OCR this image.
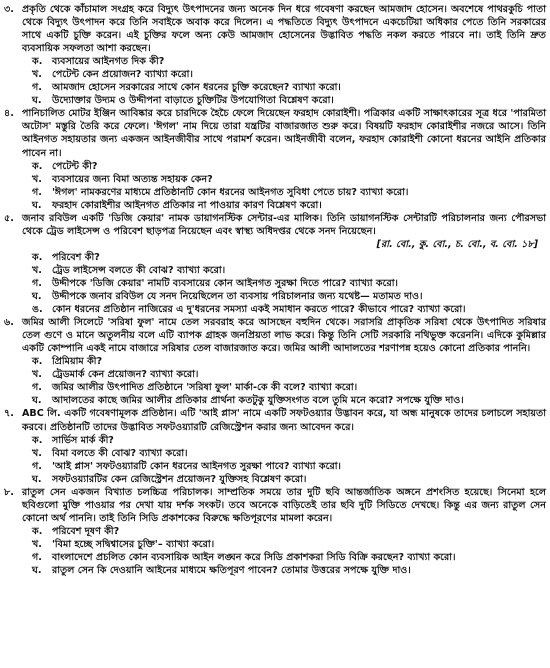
৩. প্রকৃতি থেকে কাঁচামাল সংগ্রহ করে বিদ্যুৎ উৎপাদনের জন্য অনেক দিন ধরে গবেষণা করছেন আমজাদ হোসেন। অবশেষে পাথরকুচি পাতা থেকে বিদ্যুৎ উৎপাদন করে তিনি সবাইকে অবাক করে দিলেন। এ পদ্ধতিতে বিদ্যুৎ উৎপাদনে একচেটিয়া অধিকার পেতে তিনি সরকারের সাথে একটি চুক্তি করেন। এই চুক্তির ফলে অন্য কেউ আমজাদ হোসেনের উদ্ভাবিত পদ্ধতি নকল করতে পারবে না। তাই তিনি দ্রুত ব্যবসায়িক সফলতা আশা করছেন।
ক.	ব্যবসায়ের আইনগত দিক কী?
খ.	পেটেন্ট কেন প্রয়োজন? ব্যাখ্যা করো।
গ.	আমজাদ হোসেন সরকারের সাথে কোন ধরনের চুক্তি করেছেন? ব্যাখ্যা করো।
ঘ.	উদ্যোক্তার উদ্যম ও উদ্দীপনা বাড়াতে চুক্তিটির উপযোগিতা বিশ্লেষণ করো।
৪. পানিচালিত মোটর ইঞ্জিন আবিষ্কার করে চারদিকে হৈচৈ ফেলে দিয়েছেন ফরহাদ কোরাইশী। পত্রিকার একটি সাক্ষাৎকারের সূত্র ধরে 'পারমিতা অটোস' মস্তুরি তৈরি করে ফেলে। 'ঈগল' নাম দিয়ে তারা যন্ত্রটির বাজারজাত শুরু করে। বিষয়টি ফরহাদ কোরাইশীর নজরে আসে। তিনি আইনগত সহায়তার জন্য একজন আইনজীবীর সাথে পরামর্শ করেন। আইনজীবী বলেন, ফরহাদ কোরাইশী কোনো ধরনের আইনি প্রতিকার পাবেন না।
ক.	পেটেন্ট কী?
খ.	ব্যবসায়ের জন্য বিমা অত্যন্ত সহায়ক কেন?
গ.	'ঈগল' নামকরণের মাধ্যমে প্রতিষ্ঠানটি কোন ধরনের আইনগত সুবিধা পেতে চায়? ব্যাখ্যা করো।
ঘ.	ফরহাদ কোরাইশীর আইনগত প্রতিকার না পাওয়ার কারণ বিশ্লেষণ করো।
৫. জনাব রবিউল একটি 'ডিজি কেয়ার' নামক ডায়াগনস্টিক সেন্টার-এর মালিক। তিনি ডায়াগনস্টিক সেন্টারটি পরিচালনার জন্য পৌরসভা থেকে ট্রেড লাইসেন্স ও পরিবেশ ছাড়পত্র নিয়েছেন এবং স্বাস্থ্য অধিদপ্তর থেকে সনদ নিয়েছেন।
[রা. বো., কু. বো., চ. বো., ব. বো. ১৮]
ক.	পরিবেশ কী?
খ.	ট্রেড লাইসেন্স বলতে কী বোঝ? ব্যাখ্যা করো।
গ.	উদ্দীপকে 'ডিজি কেয়ার' নামটি ব্যবসায়ের কোন আইনগত সুরক্ষা দিতে পারে? ব্যাখ্যা করো।
ঘ.	উদ্দীপকে জনাব রবিউল যে সনদ নিয়েছিলেন তা ব্যবসায় পরিচালনার জন্য যথেষ্ট— মতামত দাও।
ঙ. কোন ধরনের প্রতিষ্ঠান নাজিরের এ দু'ধরনের সমস্যা একই সমাধান করতে পারে? কীভাবে পারে? ব্যাখ্যা করো।
৬. জমির আলী সিলেটে 'সরিষা ফুল' নামে তেল সরবরাহ করে আসছেন বহুদিন থেকে। সরাসরি প্রাকৃতিক সরিষা থেকে উৎপাদিত সরিষার তেল গুণে ও মানে অতুলনীয় বলে এটি ব্যাপক গ্রাহক জনপ্রিয়তা লাভ করে। কিন্তু তিনি সেটি সরকারি নথিভুক্ত করেননি। এদিকে কুমিল্লার একটি কোম্পানি একই নামে বাজারে সরিষার তেল বাজারজাত করে। জমির আলী আদালতের শরণাপন্ন হয়েও কোনো প্রতিকার পাননি।
ক.	প্রিমিয়াম কী?
খ.	ট্রেডমার্ক কেন প্রয়োজন? ব্যাখ্যা করো।
গ.	জমির আলীর উৎপাদিত প্রতিষ্ঠানে 'সরিষা ফুল' মার্কা-কে কী বলে? ব্যাখ্যা করো।
ঘ.	আদালতের কাছে জমির আলীর প্রতিকার প্রার্থনা কতটুকু যুক্তিসংগত বলে তুমি মনে করো? সপক্ষে যুক্তি দাও।
৭. ABC লি. একটি গবেষণামূলক প্রতিষ্ঠান। এটি 'আই প্লাস' নামে একটি সফটওয়্যার উদ্ভাবন করে, যা অন্ধ মানুষকে তাদের চলাচলে সহায়তা করবে। প্রতিষ্ঠানটি তাদের উদ্ভাবিত সফটওয়্যারটি রেজিস্ট্রেশন করার জন্য আবেদন করে।
ক.	সার্ভিস মার্ক কী?
খ.	বিমা বলতে কী বোঝ? ব্যাখ্যা করো।
গ.	'আই প্লাস' সফটওয়্যারটি কোন ধরনের আইনগত সুরক্ষা পাবে? ব্যাখ্যা করো।
ঘ.	সফটওয়্যারটির কেন রেজিস্ট্রেশন প্রয়োজন? যুক্তিসহ বিশ্লেষণ করো।
৮. রাতুল সেন একজন বিখ্যাত চলচ্চিত্র পরিচালক। সাম্প্রতিক সময়ে তার দুটি ছবি আন্তর্জাতিক অঙ্গনে প্রশংসিত হয়েছে। সিনেমা হলে ছবিগুলো মুক্তি পাওয়ার পর দেখা যায় দর্শক সংকট। তবে অনেকে বাড়িতেই তার ছবি দুটি সিডিতে দেখছে। কিন্তু এর জন্য রাতুল সেন কোনো অর্থ পাননি। তাই তিনি সিডি প্রকাশকের বিরুদ্ধে ক্ষতিপূরণের মামলা করেন।
ক.	পরিবেশ দূষণ কী?
খ.	'বিমা হচ্ছে সদ্বিশ্বাসের চুক্তি'– ব্যাখ্যা করো।
গ.	বাংলাদেশে প্রচলিত কোন ব্যবসায়িক আইন লঙ্ঘন করে সিডি প্রকাশকরা সিডি বিক্রি করছেন? ব্যাখ্যা করো।
ঘ.	রাতুল সেন কি দেওয়ানি আইনের মাধ্যমে ক্ষতিপূরণ পাবেন? তোমার উত্তরের সপক্ষে যুক্তি দাও।
